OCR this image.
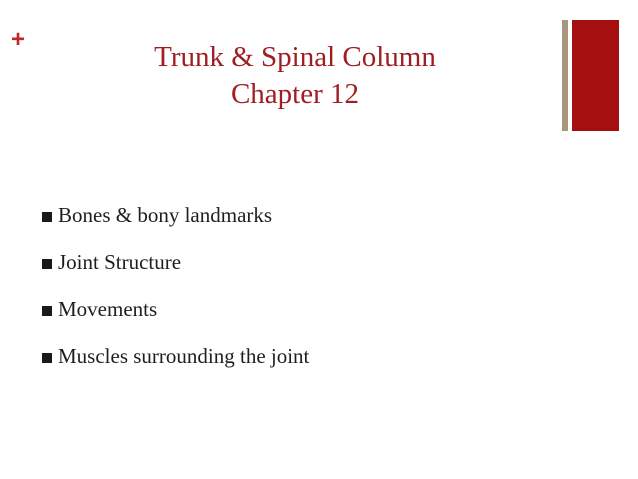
+
Trunk & Spinal Column
Chapter 12
Bones & bony landmarks
Joint Structure
Movements
Muscles surrounding the joint
